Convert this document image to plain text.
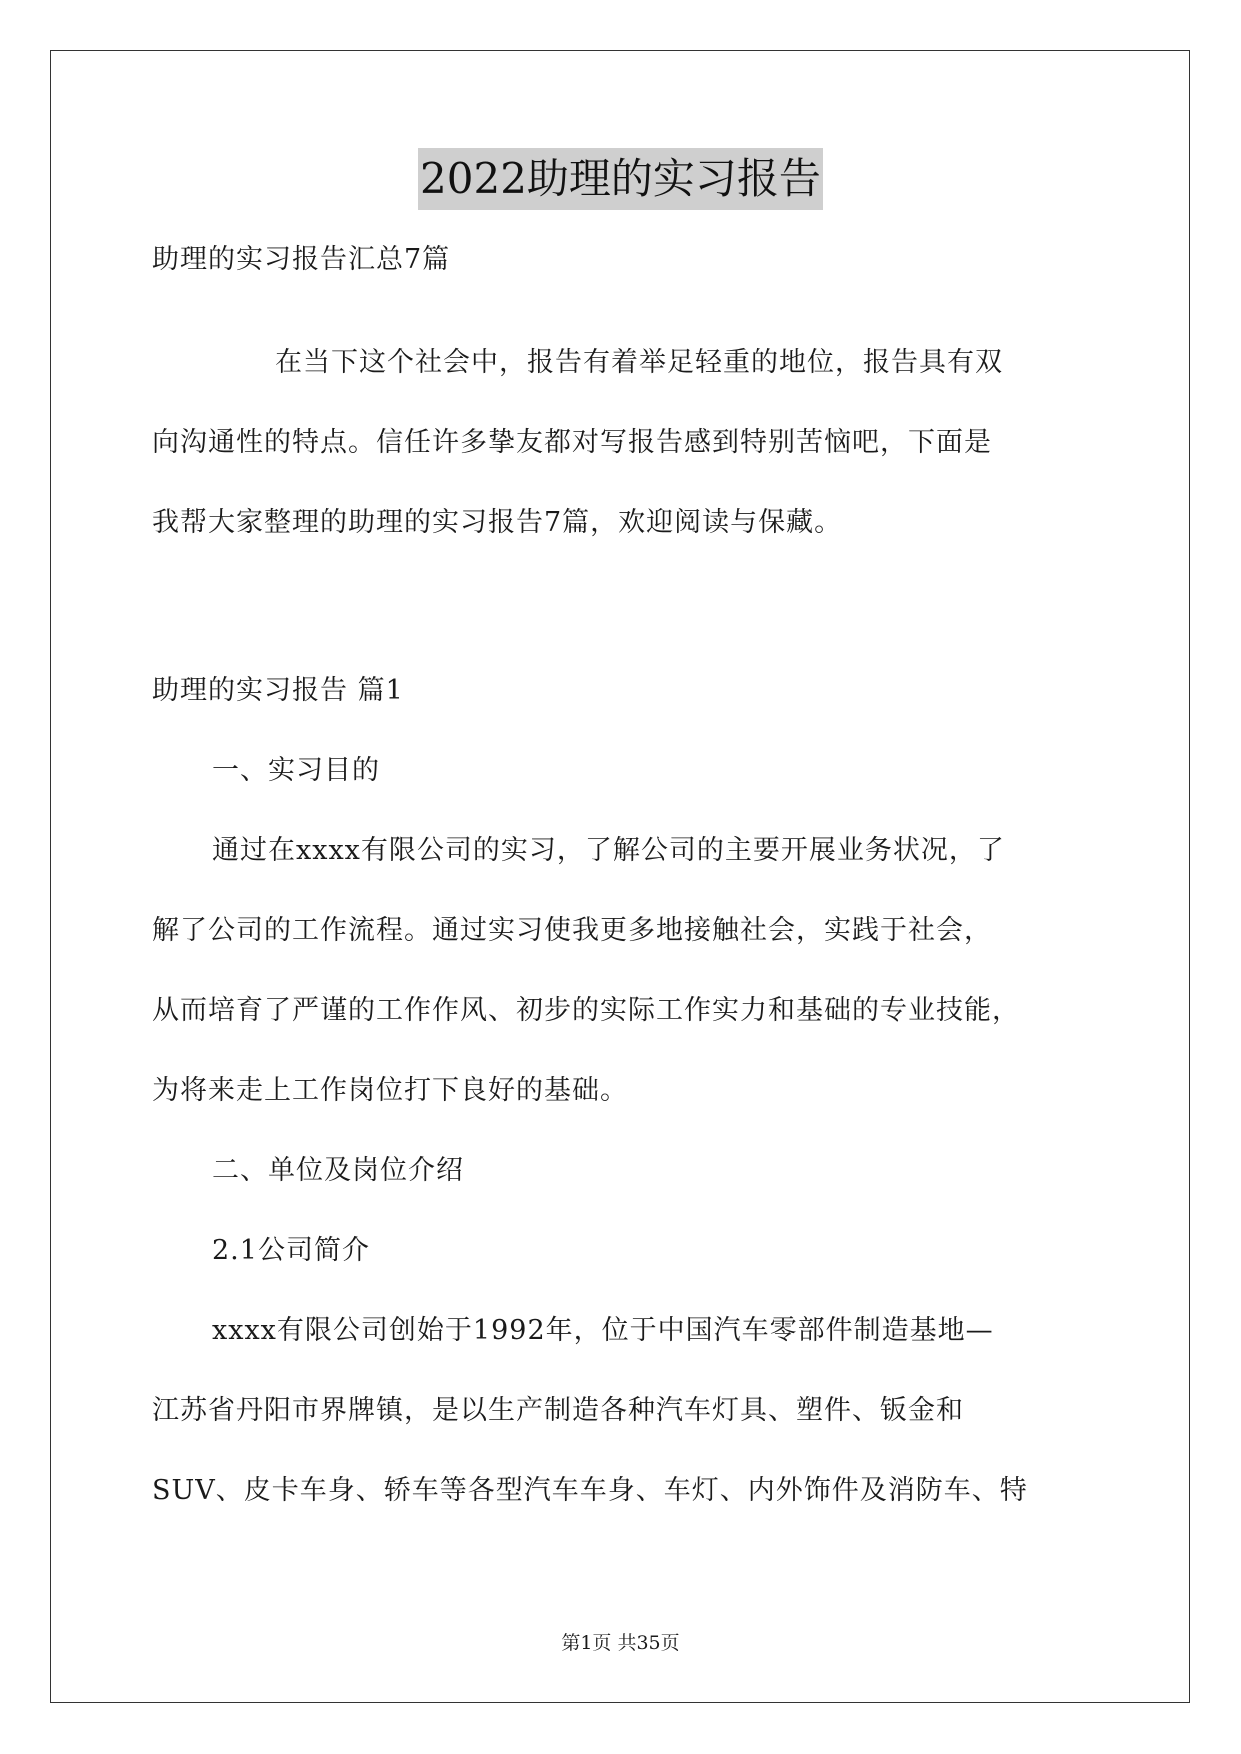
2022助理的实习报告
助理的实习报告汇总7篇
在当下这个社会中，报告有着举足轻重的地位，报告具有双
向沟通性的特点。信任许多挚友都对写报告感到特别苦恼吧，下面是
我帮大家整理的助理的实习报告7篇，欢迎阅读与保藏。
助理的实习报告 篇1
一、实习目的
通过在xxxx有限公司的实习，了解公司的主要开展业务状况，了
解了公司的工作流程。通过实习使我更多地接触社会，实践于社会，
从而培育了严谨的工作作风、初步的实际工作实力和基础的专业技能，
为将来走上工作岗位打下良好的基础。
二、单位及岗位介绍
2.1公司简介
xxxx有限公司创始于1992年，位于中国汽车零部件制造基地—
江苏省丹阳市界牌镇，是以生产制造各种汽车灯具、塑件、钣金和
SUV、皮卡车身、轿车等各型汽车车身、车灯、内外饰件及消防车、特
第1页 共35页
